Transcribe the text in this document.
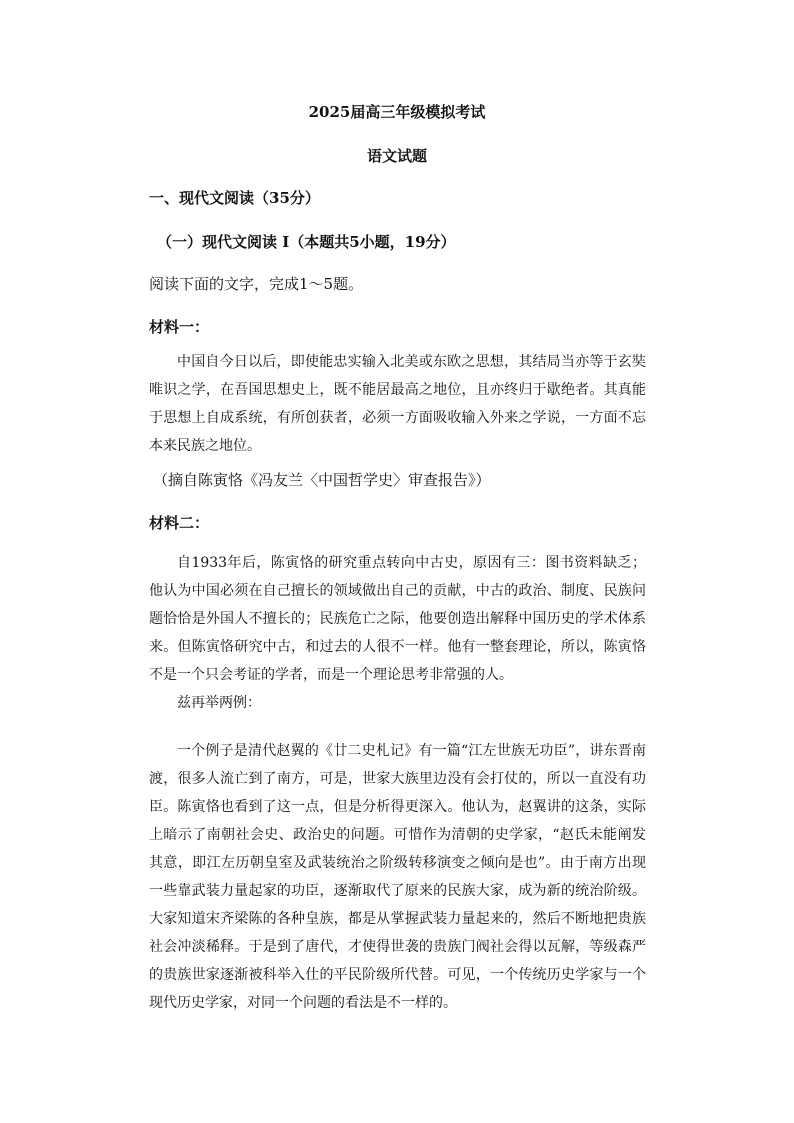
2025届高三年级模拟考试
语文试题
一、现代文阅读（35分）
（一）现代文阅读 I（本题共5小题，19分）
阅读下面的文字，完成1～5题。
材料一：

中国自今日以后，即使能忠实输入北美或东欧之思想，其结局当亦等于玄奘唯识之学，在吾国思想史上，既不能居最高之地位，且亦终归于歇绝者。其真能于思想上自成系统，有所创获者，必须一方面吸收输入外来之学说，一方面不忘本来民族之地位。

（摘自陈寅恪《冯友兰〈中国哲学史〉审查报告》）
材料二：

自1933年后，陈寅恪的研究重点转向中古史，原因有三：图书资料缺乏；他认为中国必须在自己擅长的领域做出自己的贡献，中古的政治、制度、民族问题恰恰是外国人不擅长的；民族危亡之际，他要创造出解释中国历史的学术体系来。但陈寅恪研究中古，和过去的人很不一样。他有一整套理论，所以，陈寅恪不是一个只会考证的学者，而是一个理论思考非常强的人。

兹再举两例：

一个例子是清代赵翼的《廿二史札记》有一篇“江左世族无功臣”，讲东晋南渡，很多人流亡到了南方，可是，世家大族里边没有会打仗的，所以一直没有功臣。陈寅恪也看到了这一点，但是分析得更深入。他认为，赵翼讲的这条，实际上暗示了南朝社会史、政治史的问题。可惜作为清朝的史学家，“赵氏未能阐发其意，即江左历朝皇室及武装统治之阶级转移演变之倾向是也”。由于南方出现一些靠武装力量起家的功臣，逐渐取代了原来的民族大家，成为新的统治阶级。大家知道宋齐梁陈的各种皇族，都是从掌握武装力量起来的，然后不断地把贵族社会冲淡稀释。于是到了唐代，才使得世袭的贵族门阀社会得以瓦解，等级森严的贵族世家逐渐被科举入仕的平民阶级所代替。可见，一个传统历史学家与一个现代历史学家，对同一个问题的看法是不一样的。
